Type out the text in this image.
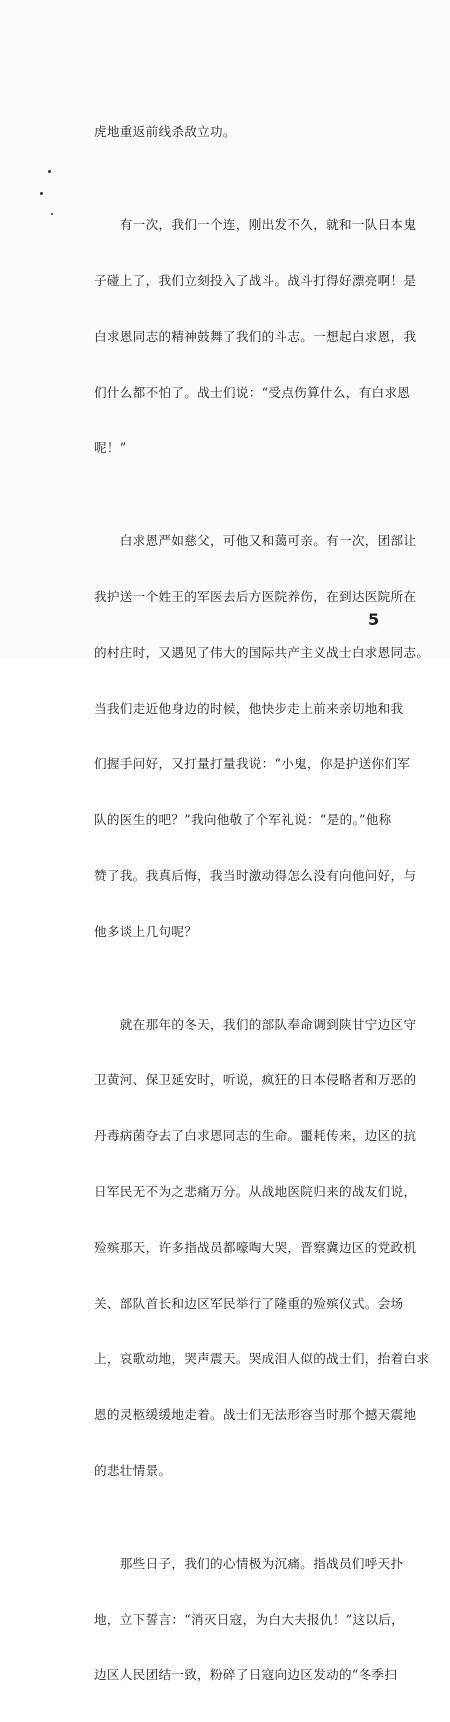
虎地重返前线杀敌立功。

　　有一次，我们一个连，刚出发不久，就和一队日本鬼

子碰上了，我们立刻投入了战斗。战斗打得好漂亮啊！是

白求恩同志的精神鼓舞了我们的斗志。一想起白求恩，我

们什么都不怕了。战士们说：“受点伤算什么，有白求恩

呢！”

　　白求恩严如慈父，可他又和蔼可亲。有一次，团部让

我护送一个姓王的军医去后方医院养伤，在到达医院所在

的村庄时，又遇见了伟大的国际共产主义战士白求恩同志。

当我们走近他身边的时候，他快步走上前来亲切地和我

们握手问好，又打量打量我说：“小鬼，你是护送你们军

队的医生的吧？”我向他敬了个军礼说：“是的。”他称

赞了我。我真后悔，我当时激动得怎么没有向他问好，与

他多谈上几句呢？

　　就在那年的冬天，我们的部队奉命调到陕甘宁边区守

卫黄河、保卫延安时，听说，疯狂的日本侵略者和万恶的

丹毒病菌夺去了白求恩同志的生命。噩耗传来，边区的抗

日军民无不为之悲痛万分。从战地医院归来的战友们说，

殓殡那天，许多指战员都嚎啕大哭，晋察冀边区的党政机

关、部队首长和边区军民举行了隆重的殓殡仪式。会场

上，哀歌动地，哭声震天。哭成泪人似的战士们，抬着白求

恩的灵柩缓缓地走着。战士们无法形容当时那个撼天震地

的悲壮情景。

　　那些日子，我们的心情极为沉痛。指战员们呼天扑

地，立下誓言：“消灭日寇，为白大夫报仇！”这以后，

边区人民团结一致，粉碎了日寇向边区发动的“冬季扫

5
